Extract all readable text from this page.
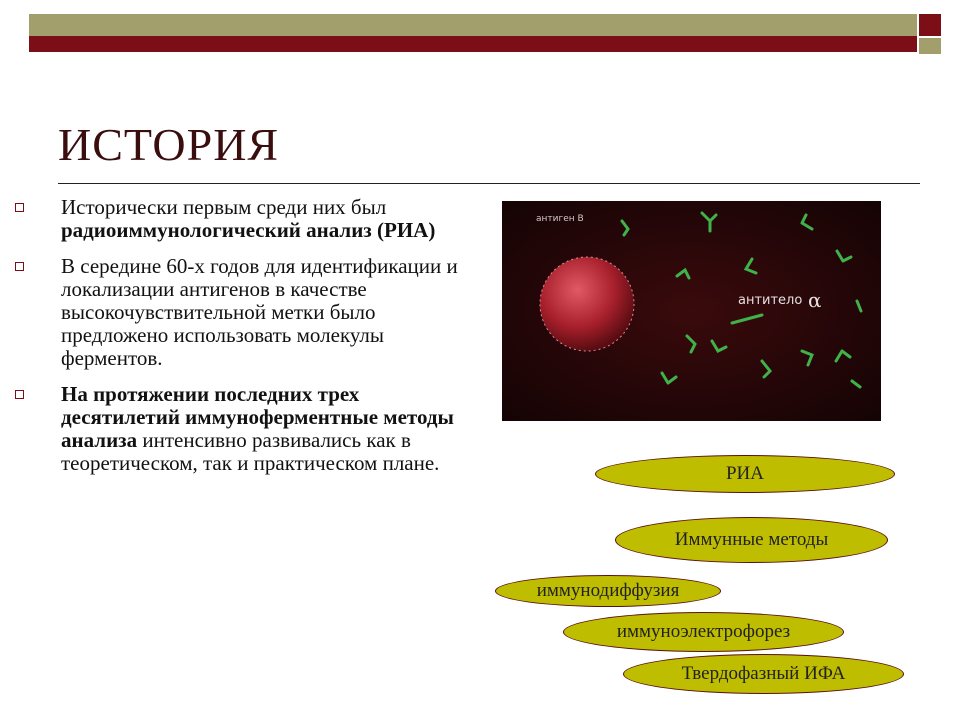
ИСТОРИЯ
Исторически первым среди них был радиоиммунологический анализ (РИА)
В середине 60-х годов для идентификации и локализации антигенов в качестве высокочувствительной метки было предложено использовать молекулы ферментов.
На протяжении последних трех десятилетий иммуноферментные методы анализа интенсивно развивались как в теоретическом, так и практическом плане.
антиген В
антитело α
РИА
Иммунные методы
иммунодиффузия
иммуноэлектрофорез
Твердофазный ИФА
